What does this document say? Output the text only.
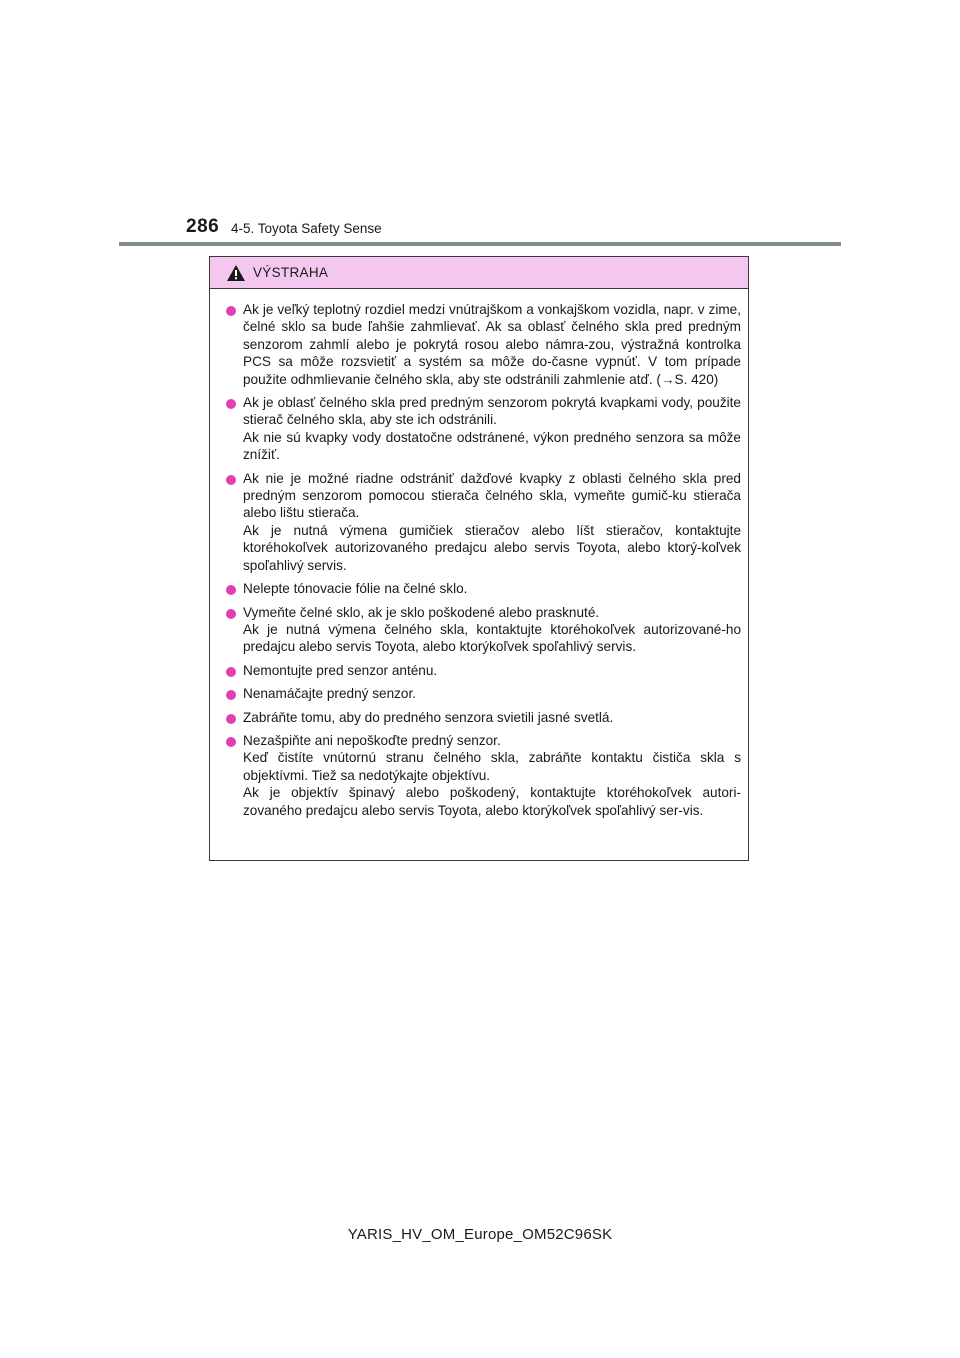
286 4-5. Toyota Safety Sense
VÝSTRAHA
Ak je veľký teplotný rozdiel medzi vnútrajškom a vonkajškom vozidla, napr. v zime, čelné sklo sa bude ľahšie zahmlievať. Ak sa oblasť čelného skla pred predným senzorom zahmlí alebo je pokrytá rosou alebo námra-zou, výstražná kontrolka PCS sa môže rozsvietiť a systém sa môže do-časne vypnúť. V tom prípade použite odhmlievanie čelného skla, aby ste odstránili zahmlenie atď. (→S. 420)
Ak je oblasť čelného skla pred predným senzorom pokrytá kvapkami vody, použite stierač čelného skla, aby ste ich odstránili.
Ak nie sú kvapky vody dostatočne odstránené, výkon predného senzora sa môže znížiť.
Ak nie je možné riadne odstrániť dažďové kvapky z oblasti čelného skla pred predným senzorom pomocou stierača čelného skla, vymeňte gumič-ku stierača alebo lištu stierača.
Ak je nutná výmena gumičiek stieračov alebo líšt stieračov, kontaktujte ktoréhokoľvek autorizovaného predajcu alebo servis Toyota, alebo ktorý-koľvek spoľahlivý servis.
Nelepte tónovacie fólie na čelné sklo.
Vymeňte čelné sklo, ak je sklo poškodené alebo prasknuté.
Ak je nutná výmena čelného skla, kontaktujte ktoréhokoľvek autorizované-ho predajcu alebo servis Toyota, alebo ktorýkoľvek spoľahlivý servis.
Nemontujte pred senzor anténu.
Nenamáčajte predný senzor.
Zabráňte tomu, aby do predného senzora svietili jasné svetlá.
Nezašpiňte ani nepoškoďte predný senzor.
Keď čistíte vnútornú stranu čelného skla, zabráňte kontaktu čističa skla s objektívmi. Tiež sa nedotýkajte objektívu.
Ak je objektív špinavý alebo poškodený, kontaktujte ktoréhokoľvek autori-zovaného predajcu alebo servis Toyota, alebo ktorýkoľvek spoľahlivý ser-vis.
YARIS_HV_OM_Europe_OM52C96SK
